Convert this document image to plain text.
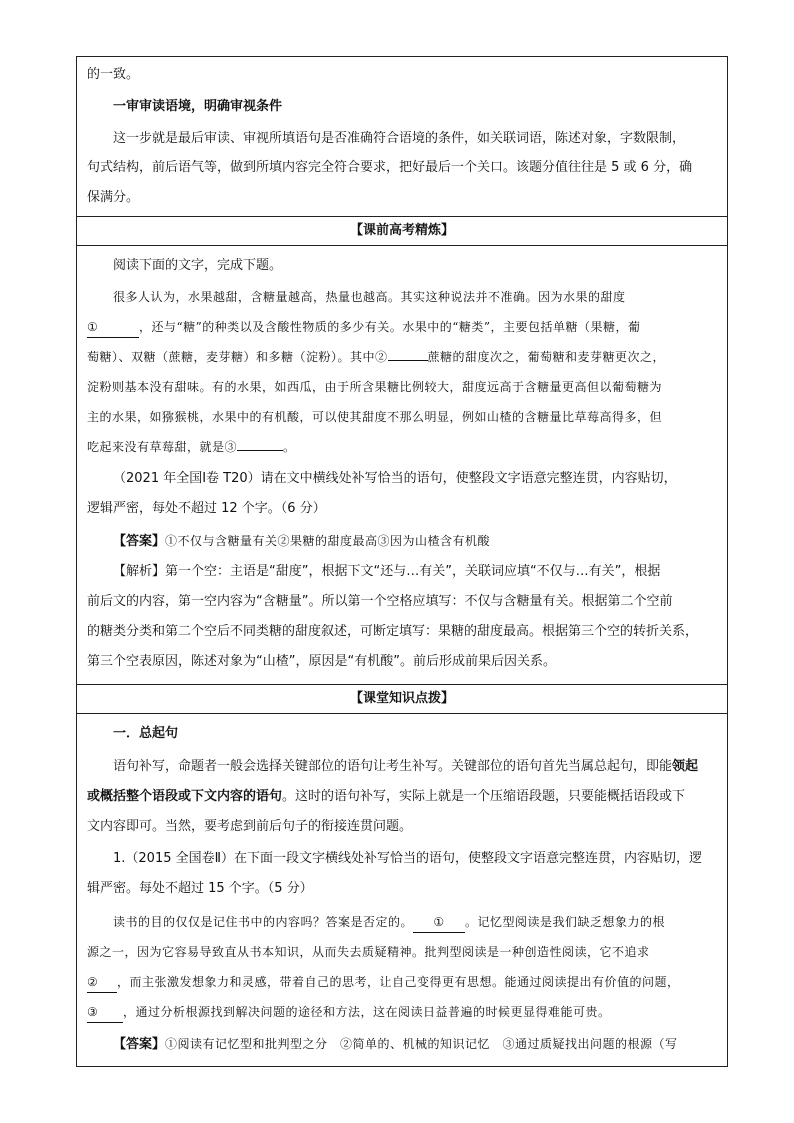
的一致。
一审审读语境，明确审视条件
这一步就是最后审读、审视所填语句是否准确符合语境的条件，如关联词语，陈述对象，字数限制，
句式结构，前后语气等，做到所填内容完全符合要求，把好最后一个关口。该题分值往往是 5 或 6 分，确
保满分。
【课前高考精炼】
阅读下面的文字，完成下题。
很多人认为，水果越甜，含糖量越高，热量也越高。其实这种说法并不准确。因为水果的甜度
①	，还与“糖”的种类以及含酸性物质的多少有关。水果中的“糖类”，主要包括单糖（果糖，葡
萄糖）、双糖（蔗糖，麦芽糖）和多糖（淀粉）。其中②	蔗糖的甜度次之，葡萄糖和麦芽糖更次之，
淀粉则基本没有甜味。有的水果，如西瓜，由于所含果糖比例较大，甜度远高于含糖量更高但以葡萄糖为
主的水果，如猕猴桃，水果中的有机酸，可以使其甜度不那么明显，例如山楂的含糖量比草莓高得多，但
吃起来没有草莓甜，就是③	。
（2021 年全国Ⅰ卷 T20）请在文中横线处补写恰当的语句，使整段文字语意完整连贯，内容贴切，
逻辑严密，每处不超过 12 个字。（6 分）
【答案】①不仅与含糖量有关②果糖的甜度最高③因为山楂含有机酸
【解析】第一个空：主语是“甜度”，根据下文“还与…有关”，关联词应填“不仅与…有关”，根据
前后文的内容，第一空内容为“含糖量”。所以第一个空格应填写：不仅与含糖量有关。根据第二个空前
的糖类分类和第二个空后不同类糖的甜度叙述，可断定填写：果糖的甜度最高。根据第三个空的转折关系，
第三个空表原因，陈述对象为“山楂”，原因是“有机酸”。前后形成前果后因关系。
【课堂知识点拨】
一．总起句
语句补写，命题者一般会选择关键部位的语句让考生补写。关键部位的语句首先当属总起句，即能领起
或概括整个语段或下文内容的语句。这时的语句补写，实际上就是一个压缩语段题，只要能概括语段或下
文内容即可。当然，要考虑到前后句子的衔接连贯问题。
1.（2015 全国卷Ⅱ）在下面一段文字横线处补写恰当的语句，使整段文字语意完整连贯，内容贴切，逻
辑严密。每处不超过 15 个字。（5 分）
读书的目的仅仅是记住书中的内容吗？答案是否定的。 ① 。记忆型阅读是我们缺乏想象力的根
源之一，因为它容易导致直从书本知识，从而失去质疑精神。批判型阅读是一种创造性阅读，它不追求
② ，而主张激发想象力和灵感，带着自己的思考，让自己变得更有思想。能通过阅读提出有价值的问题，
③ ，通过分析根源找到解决问题的途径和方法，这在阅读日益普遍的时候更显得难能可贵。
【答案】①阅读有记忆型和批判型之分　②简单的、机械的知识记忆　③通过质疑找出问题的根源（写
